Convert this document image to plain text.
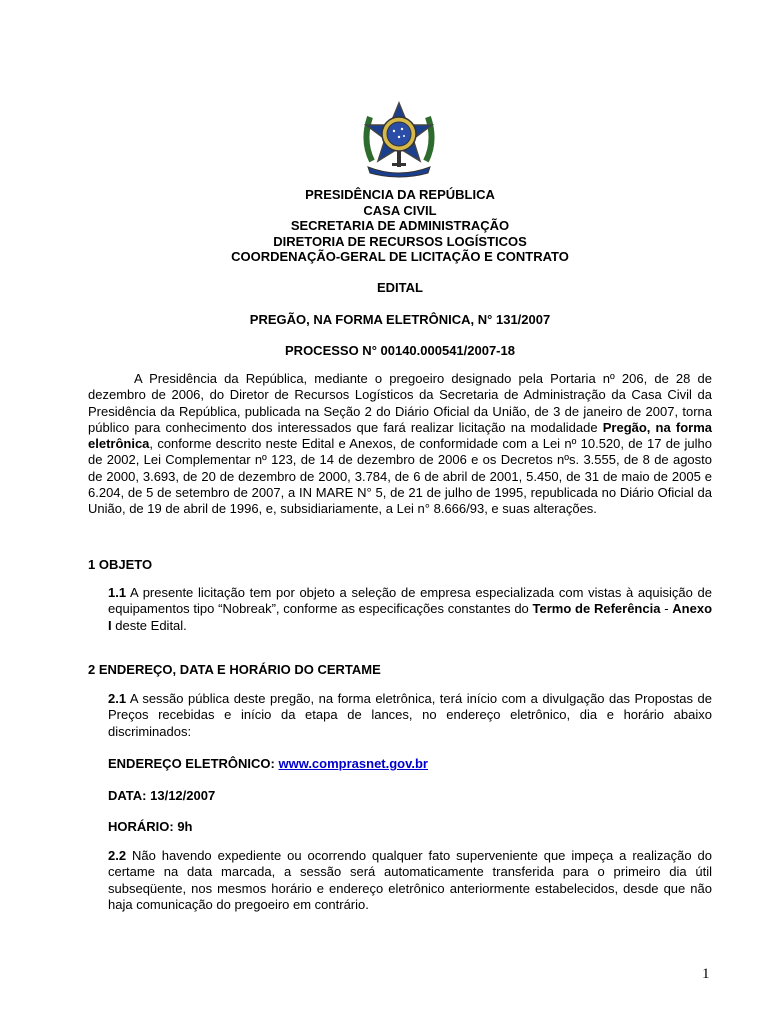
PRESIDÊNCIA DA REPÚBLICA
CASA CIVIL
SECRETARIA DE ADMINISTRAÇÃO
DIRETORIA DE RECURSOS LOGÍSTICOS
COORDENAÇÃO-GERAL DE LICITAÇÃO E CONTRATO
EDITAL
PREGÃO, NA FORMA ELETRÔNICA, N° 131/2007
PROCESSO N° 00140.000541/2007-18
A Presidência da República, mediante o pregoeiro designado pela Portaria nº 206, de 28 de dezembro de 2006, do Diretor de Recursos Logísticos da Secretaria de Administração da Casa Civil da Presidência da República, publicada na Seção 2 do Diário Oficial da União, de 3 de janeiro de 2007, torna público para conhecimento dos interessados que fará realizar licitação na modalidade Pregão, na forma eletrônica, conforme descrito neste Edital e Anexos, de conformidade com a Lei nº 10.520, de 17 de julho de 2002, Lei Complementar nº 123, de 14 de dezembro de 2006 e os Decretos nºs. 3.555, de 8 de agosto de 2000, 3.693, de 20 de dezembro de 2000, 3.784, de 6 de abril de 2001, 5.450, de 31 de maio de 2005 e 6.204, de 5 de setembro de 2007, a IN MARE N° 5, de 21 de julho de 1995, republicada no Diário Oficial da União, de 19 de abril de 1996, e, subsidiariamente, a Lei n° 8.666/93, e suas alterações.
1 OBJETO
1.1 A presente licitação tem por objeto a seleção de empresa especializada com vistas à aquisição de equipamentos tipo “Nobreak”, conforme as especificações constantes do Termo de Referência - Anexo I deste Edital.
2 ENDEREÇO, DATA E HORÁRIO DO CERTAME
2.1 A sessão pública deste pregão, na forma eletrônica, terá início com a divulgação das Propostas de Preços recebidas e início da etapa de lances, no endereço eletrônico, dia e horário abaixo discriminados:
ENDEREÇO ELETRÔNICO: www.comprasnet.gov.br
DATA: 13/12/2007
HORÁRIO: 9h
2.2 Não havendo expediente ou ocorrendo qualquer fato superveniente que impeça a realização do certame na data marcada, a sessão será automaticamente transferida para o primeiro dia útil subseqüente, nos mesmos horário e endereço eletrônico anteriormente estabelecidos, desde que não haja comunicação do pregoeiro em contrário.
1
